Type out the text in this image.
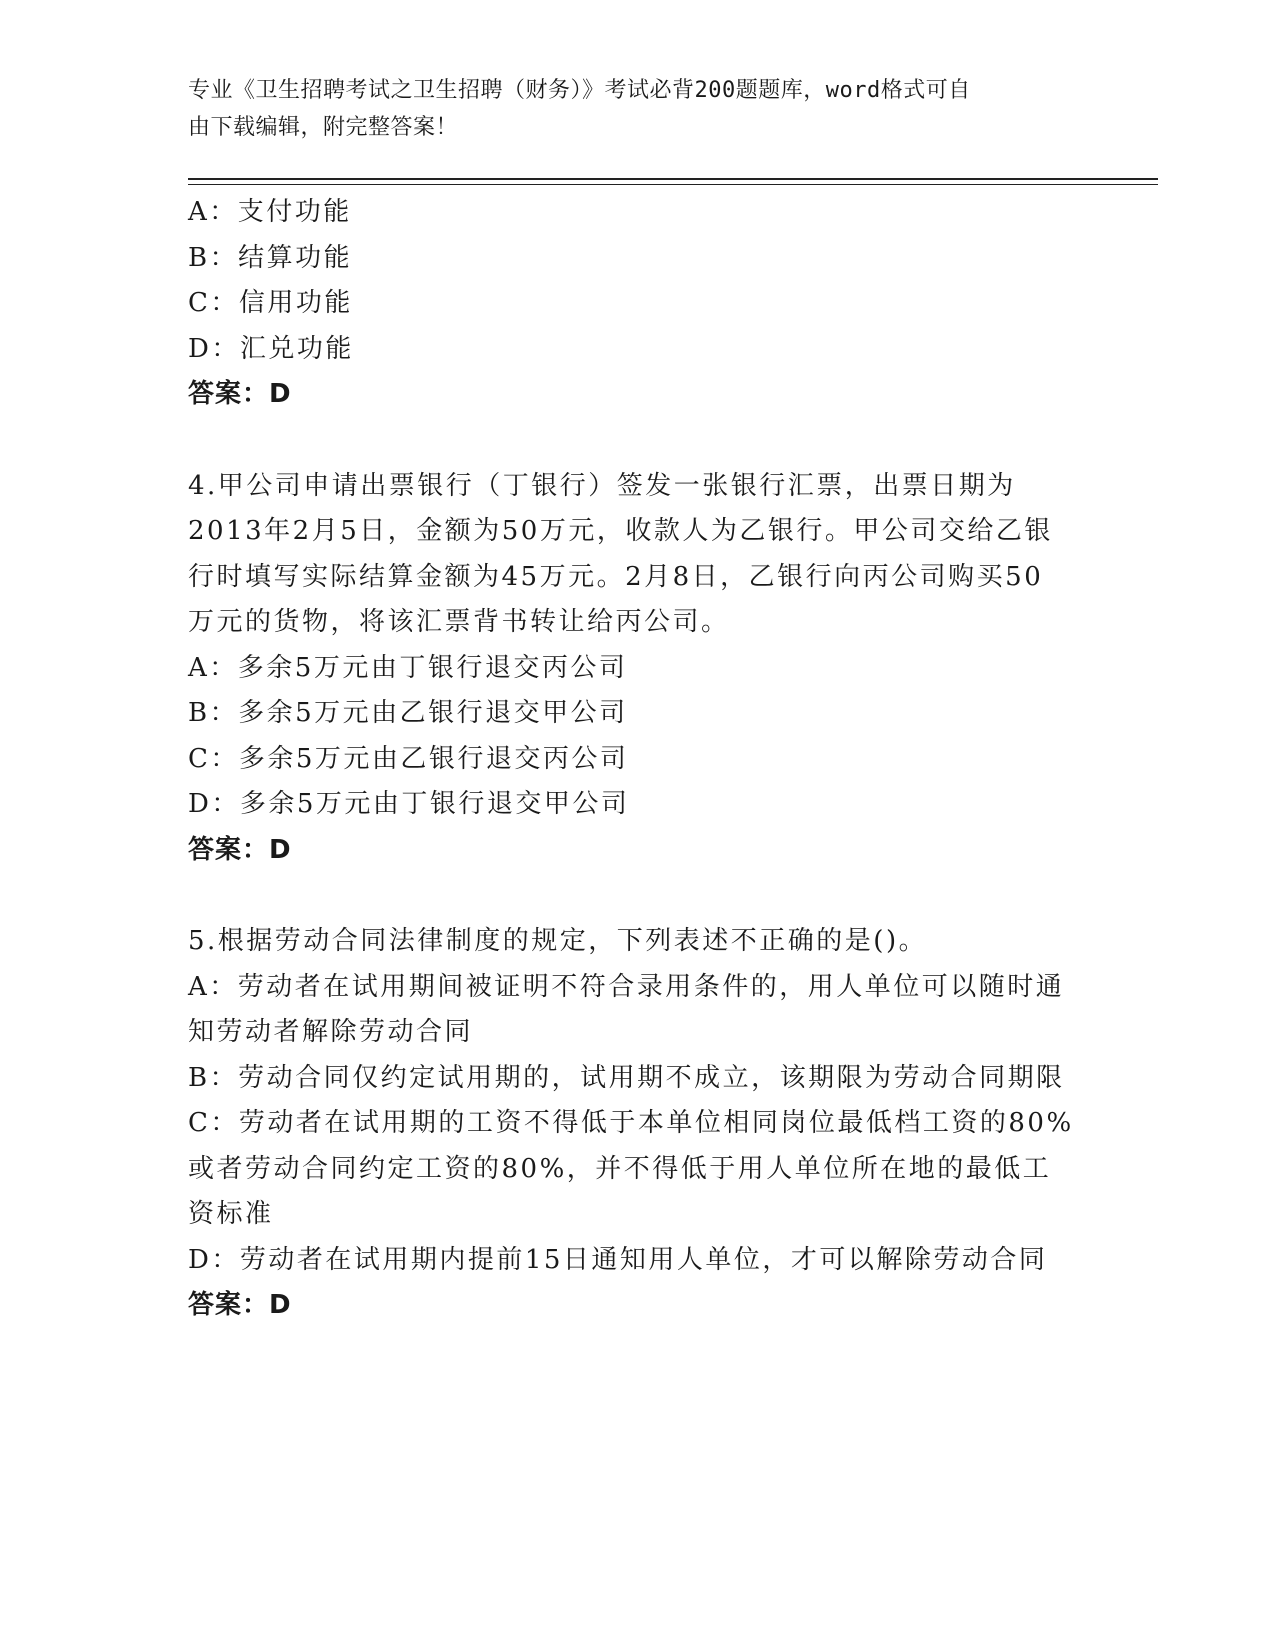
专业《卫生招聘考试之卫生招聘（财务）》考试必背200题题库，word格式可自
由下载编辑，附完整答案！
A：支付功能
B：结算功能
C：信用功能
D：汇兑功能
答案：D
4.甲公司申请出票银行（丁银行）签发一张银行汇票，出票日期为
2013年2月5日，金额为50万元，收款人为乙银行。甲公司交给乙银
行时填写实际结算金额为45万元。2月8日，乙银行向丙公司购买50
万元的货物，将该汇票背书转让给丙公司。
A：多余5万元由丁银行退交丙公司
B：多余5万元由乙银行退交甲公司
C：多余5万元由乙银行退交丙公司
D：多余5万元由丁银行退交甲公司
答案：D
5.根据劳动合同法律制度的规定，下列表述不正确的是()。
A：劳动者在试用期间被证明不符合录用条件的，用人单位可以随时通
知劳动者解除劳动合同
B：劳动合同仅约定试用期的，试用期不成立，该期限为劳动合同期限
C：劳动者在试用期的工资不得低于本单位相同岗位最低档工资的80%
或者劳动合同约定工资的80%，并不得低于用人单位所在地的最低工
资标准
D：劳动者在试用期内提前15日通知用人单位，才可以解除劳动合同
答案：D
